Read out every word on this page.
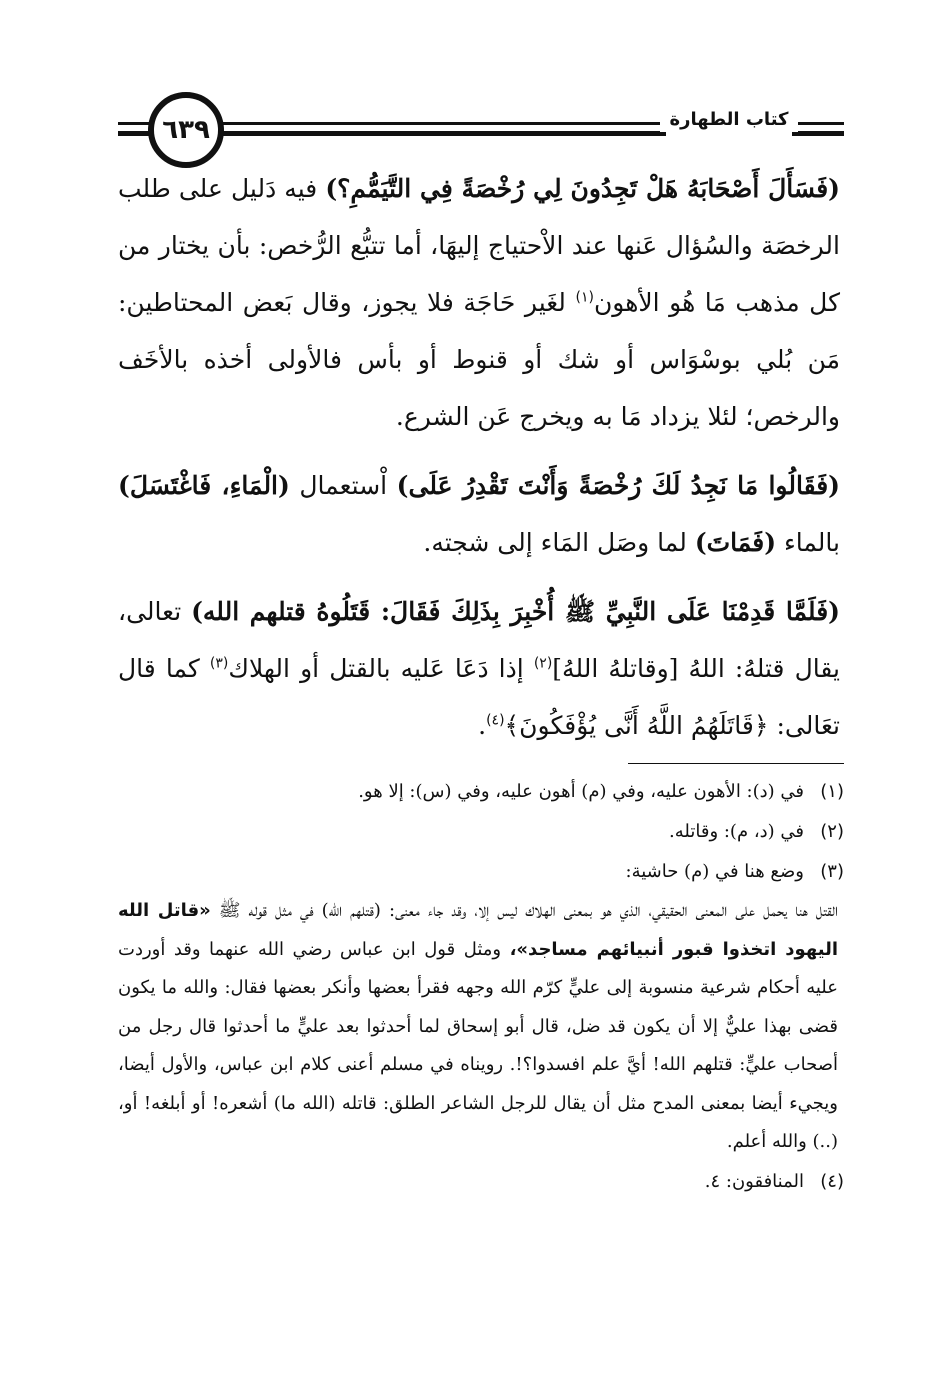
كتاب الطهارة
٦٣٩

(فَسَأَلَ أَصْحَابَهُ هَلْ تَجِدُونَ لِي رُخْصَةً فِي التَّيَمُّمِ؟) فيه دَليل على طلب الرخصَة والسُؤال عَنها عند الاْحتياج إليهَا، أما تتبُّع الرُّخص: بأن يختار من كل مذهب مَا هُو الأهون$^{(١)}$ لغَير حَاجَة فلا يجوز، وقال بَعض المحتاطين: مَن بُلي بوسْوَاس أو شك أو قنوط أو بأس فالأولى أخذه بالأخَف والرخص؛ لئلا يزداد مَا به ويخرج عَن الشرع.

(فَقَالُوا مَا نَجِدُ لَكَ رُخْصَةً وَأَنْتَ تَقْدِرُ عَلَى) اْستعمال (الْمَاءِ، فَاغْتَسَلَ) بالماء (فَمَاتَ) لما وصَل المَاء إلى شجته.

(فَلَمَّا قَدِمْنَا عَلَى النَّبِيِّ ﷺ أُخْبِرَ بِذَلِكَ فَقَالَ: قَتَلُوهُ قتلهم الله) تعالى، يقال قتلهُ: اللهُ [وقاتلهُ اللهُ]$^{(٢)}$ إذا دَعَا عَليه بالقتل أو الهلاك$^{(٣)}$ كما قال تعَالى: ﴿قَاتَلَهُمُ اللَّهُ أَنَّى يُؤْفَكُونَ﴾$^{(٤)}$.

(١)
في (د): الأهون عليه، وفي (م) أهون عليه، وفي (س): إلا هو.
(٢)
في (د، م): وقاتله.
(٣)
وضع هنا في (م) حاشية:
القتل هنا يحمل على المعنى الحقيقي، الذي هو بمعنى الهلاك ليس إلا، وقد جاء معنى: (قتلهم الله) في مثل قوله ﷺ «قاتل الله اليهود اتخذوا قبور أنبيائهم مساجد»، ومثل قول ابن عباس رضي الله عنهما وقد أوردت عليه أحكام شرعية منسوبة إلى عليٍّ كرّم الله وجهه فقرأ بعضها وأنكر بعضها فقال: والله ما يكون قضى بهذا عليٌّ إلا أن يكون قد ضل، قال أبو إسحاق لما أحدثوا بعد عليٍّ ما أحدثوا قال رجل من أصحاب عليٍّ: قتلهم الله! أيَّ علم افسدوا؟!. رويناه في مسلم أعنى كلام ابن عباس، والأول أيضا، ويجيء أيضا بمعنى المدح مثل أن يقال للرجل الشاعر الطلق: قاتله (الله ما) أشعره! أو أبلغه! أو، (..) والله أعلم.
(٤)
المنافقون: ٤.
